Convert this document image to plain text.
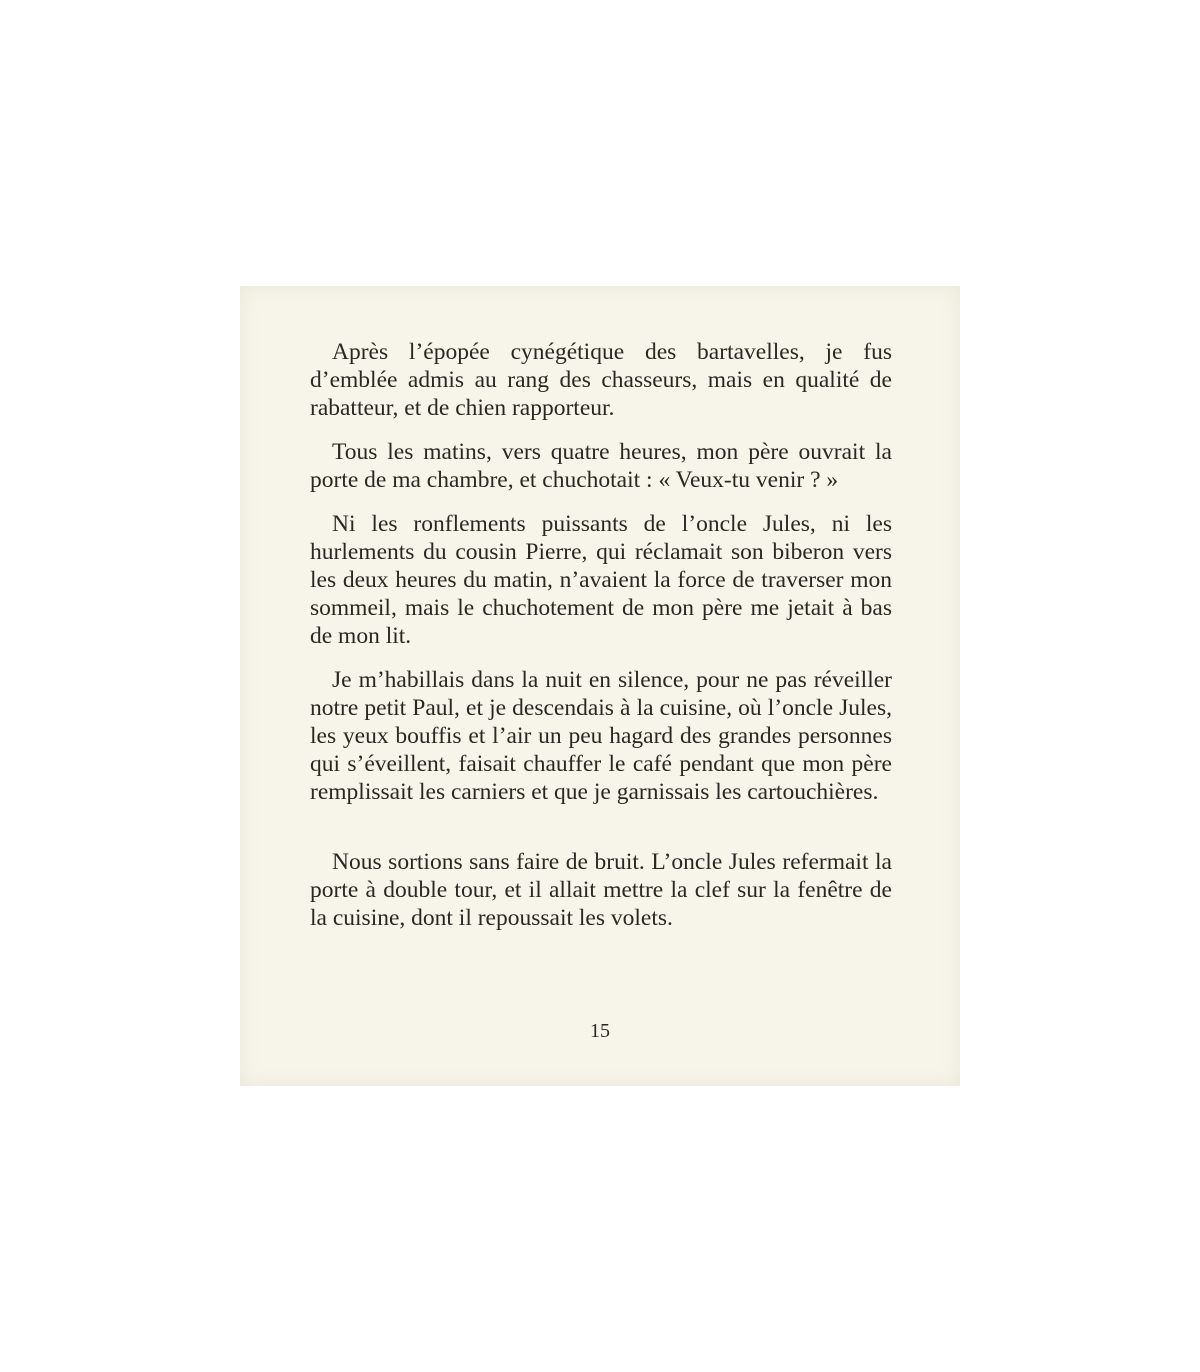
Après l’épopée cynégétique des bartavelles, je fus d’emblée admis au rang des chasseurs, mais en qualité de rabatteur, et de chien rapporteur.

Tous les matins, vers quatre heures, mon père ouvrait la porte de ma chambre, et chuchotait : « Veux-tu venir ? »

Ni les ronflements puissants de l’oncle Jules, ni les hurlements du cousin Pierre, qui réclamait son biberon vers les deux heures du matin, n’avaient la force de traverser mon sommeil, mais le chuchotement de mon père me jetait à bas de mon lit.

Je m’habillais dans la nuit en silence, pour ne pas réveiller notre petit Paul, et je descendais à la cuisine, où l’oncle Jules, les yeux bouffis et l’air un peu hagard des grandes personnes qui s’éveillent, faisait chauffer le café pendant que mon père remplissait les carniers et que je garnissais les cartouchières.

Nous sortions sans faire de bruit. L’oncle Jules refermait la porte à double tour, et il allait mettre la clef sur la fenêtre de la cuisine, dont il repoussait les volets.

15
